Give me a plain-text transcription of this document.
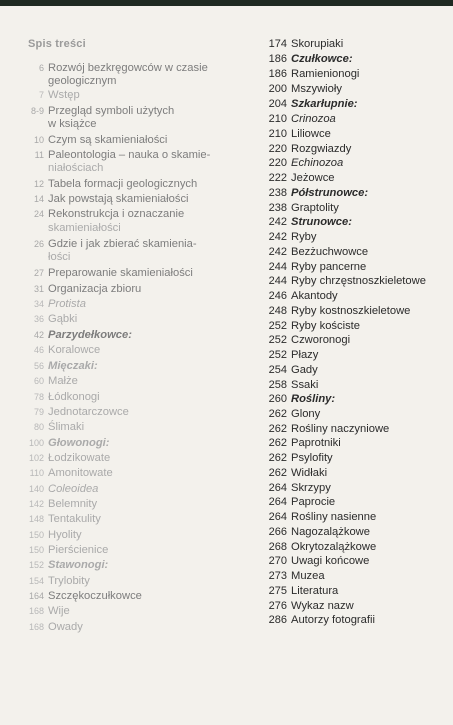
Spis treści
6 Rozwój bezkręgowców w czasie
geologicznym
7 Wstęp
8-9 Przegląd symboli użytych
w książce
10 Czym są skamieniałości
11 Paleontologia – nauka o skamie-
niałościach
12 Tabela formacji geologicznych
14 Jak powstają skamieniałości
24 Rekonstrukcja i oznaczanie
skamieniałości
26 Gdzie i jak zbierać skamienia-
łości
27 Preparowanie skamieniałości
31 Organizacja zbioru
34 Protista
36 Gąbki
42 Parzydełkowce:
46 Koralowce
56 Mięczaki:
60 Małże
78 Łódkonogi
79 Jednotarczowce
80 Ślimaki
100 Głowonogi:
102 Łodzikowate
110 Amonitowate
140 Coleoidea
142 Belemnity
148 Tentakulity
150 Hyolity
150 Pierścienice
152 Stawonogi:
154 Trylobity
164 Szczękoczułkowce
168 Wije
168 Owady
174 Skorupiaki
186 Czułkowce:
186 Ramienionogi
200 Mszywioły
204 Szkarłupnie:
210 Crinozoa
210 Liliowce
220 Rozgwiazdy
220 Echinozoa
222 Jeżowce
238 Półstrunowce:
238 Graptolity
242 Strunowce:
242 Ryby
242 Bezżuchwowce
244 Ryby pancerne
244 Ryby chrzęstnoszkieletowe
246 Akantody
248 Ryby kostnoszkieletowe
252 Ryby kościste
252 Czworonogi
252 Płazy
254 Gady
258 Ssaki
260 Rośliny:
262 Glony
262 Rośliny naczyniowe
262 Paprotniki
262 Psylofity
262 Widłaki
264 Skrzypy
264 Paprocie
264 Rośliny nasienne
266 Nagozalążkowe
268 Okrytozalążkowe
270 Uwagi końcowe
273 Muzea
275 Literatura
276 Wykaz nazw
286 Autorzy fotografii
